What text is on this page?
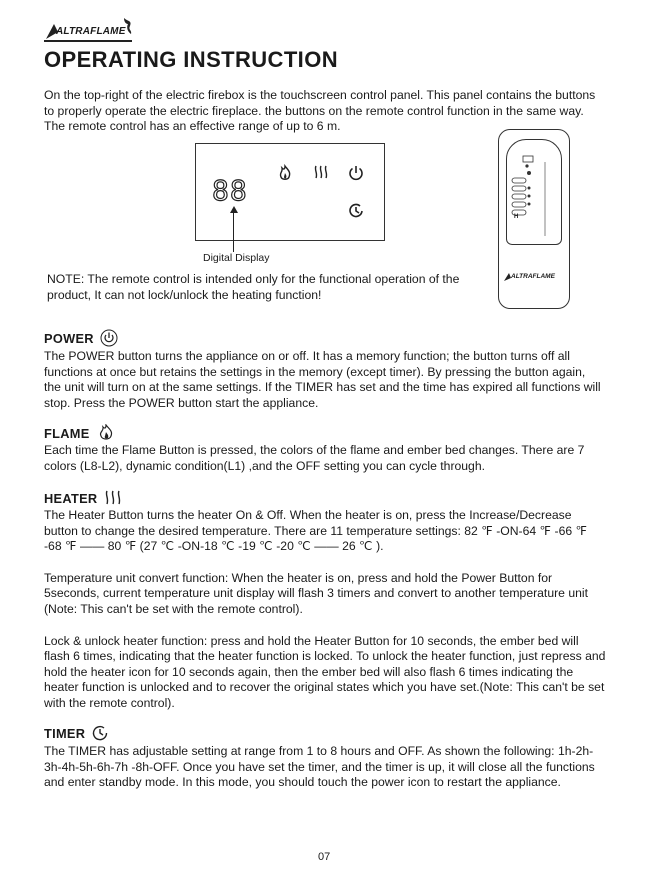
ALTRAFLAME
OPERATING INSTRUCTION

On the top-right of the electric firebox is the touchscreen control panel. This panel contains the buttons to properly operate the electric fireplace. the buttons on the remote control function in the same way. The remote control has an effective range of up to 6 m.

88
Digital Display

NOTE: The remote control is intended only for the functional operation of the product, It can not lock/unlock the heating function!

H
ALTRAFLAME
POWER

The POWER button turns the appliance on or off. It has a memory function; the button turns off all functions at once but retains the settings in the memory (except timer). By pressing the button again, the unit will turn on at the same settings. If the TIMER has set and the time has expired all functions will stop. Press the POWER button start the appliance.

FLAME

Each time the Flame Button is pressed, the colors of the flame and ember bed changes. There are 7 colors (L8-L2), dynamic condition(L1) ,and the OFF setting you can cycle through.

HEATER

The Heater Button turns the heater On & Off. When the heater is on, press the Increase/Decrease button to change the desired temperature. There are 11 temperature settings: 82 ℉ -ON-64 ℉ -66 ℉ -68 ℉ —— 80 ℉ (27 ℃ -ON-18 ℃ -19 ℃ -20 ℃ —— 26 ℃ ).

Temperature unit convert function: When the heater is on, press and hold the Power Button for 5seconds, current temperature unit display will flash 3 timers and convert to another temperature unit (Note: This can't be set with the remote control).

Lock & unlock heater function: press and hold the Heater Button for 10 seconds, the ember bed will flash 6 times, indicating that the heater function is locked. To unlock the heater function, just repress and hold the heater icon for 10 seconds again, then the ember bed will also flash 6 times indicating the heater function is unlocked and to recover the original states which you have set.(Note: This can't be set with the remote control).

TIMER

The TIMER has adjustable setting at range from 1 to 8 hours and OFF. As shown the following: 1h-2h-3h-4h-5h-6h-7h -8h-OFF. Once you have set the timer, and the timer is up, it will close all the functions and enter standby mode. In this mode, you should touch the power icon to restart the appliance.

07
